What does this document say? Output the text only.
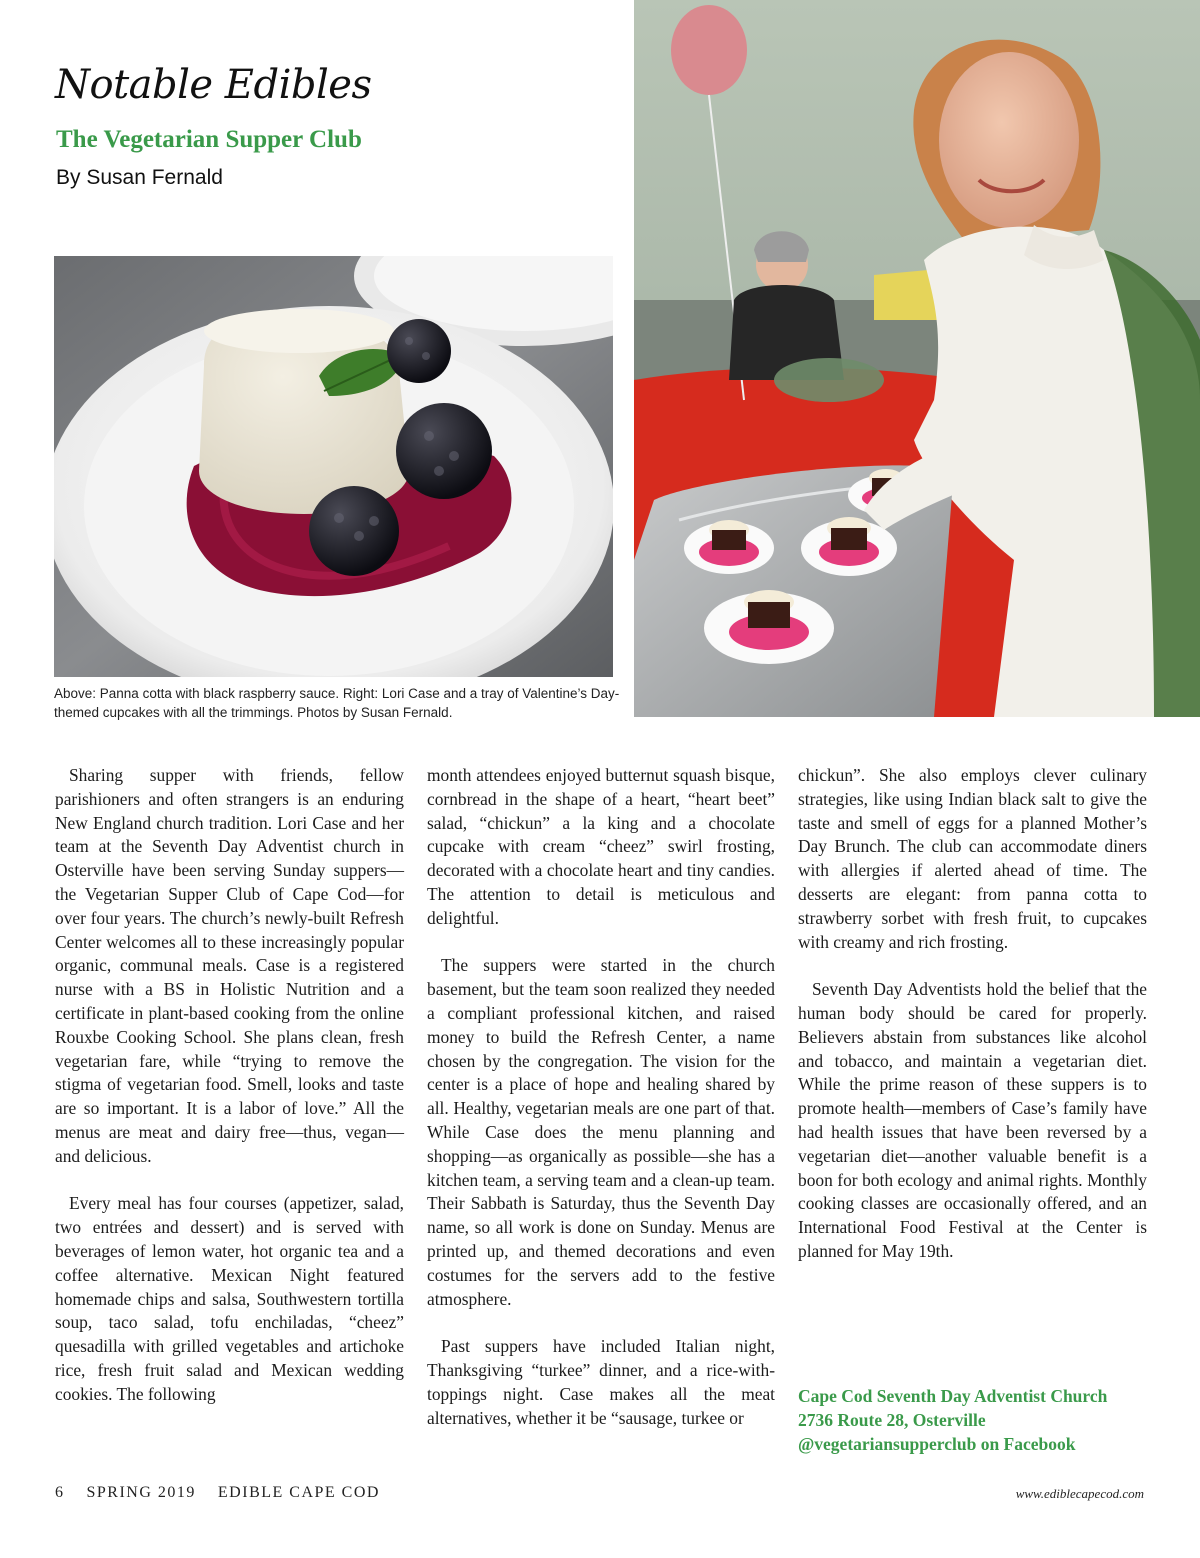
Notable Edibles
The Vegetarian Supper Club
By Susan Fernald
Above: Panna cotta with black raspberry sauce. Right: Lori Case and a tray of Valentine’s Day-themed cupcakes with all the trimmings. Photos by Susan Fernald.

Sharing supper with friends, fellow parishioners and often strangers is an enduring New England church tradition. Lori Case and her team at the Seventh Day Adventist church in Osterville have been serving Sunday suppers—the Vegetarian Supper Club of Cape Cod—for over four years. The church’s newly-built Refresh Center welcomes all to these increasingly popular organic, communal meals. Case is a registered nurse with a BS in Holistic Nutrition and a certificate in plant-based cooking from the online Rouxbe Cooking School. She plans clean, fresh vegetarian fare, while “trying to remove the stigma of vegetarian food. Smell, looks and taste are so important. It is a labor of love.” All the menus are meat and dairy free—thus, vegan—and delicious.

Every meal has four courses (appetizer, salad, two entrées and dessert) and is served with beverages of lemon water, hot organic tea and a coffee alternative. Mexican Night featured homemade chips and salsa, Southwestern tortilla soup, taco salad, tofu enchiladas, “cheez” quesadilla with grilled vegetables and artichoke rice, fresh fruit salad and Mexican wedding cookies. The following

month attendees enjoyed butternut squash bisque, cornbread in the shape of a heart, “heart beet” salad, “chickun” a la king and a chocolate cupcake with cream “cheez” swirl frosting, decorated with a chocolate heart and tiny candies. The attention to detail is meticulous and delightful.

The suppers were started in the church basement, but the team soon realized they needed a compliant professional kitchen, and raised money to build the Refresh Center, a name chosen by the congregation. The vision for the center is a place of hope and healing shared by all. Healthy, vegetarian meals are one part of that. While Case does the menu planning and shopping—as organically as possible—she has a kitchen team, a serving team and a clean-up team. Their Sabbath is Saturday, thus the Seventh Day name, so all work is done on Sunday. Menus are printed up, and themed decorations and even costumes for the servers add to the festive atmosphere.

Past suppers have included Italian night, Thanksgiving “turkee” dinner, and a rice-with-toppings night. Case makes all the meat alternatives, whether it be “sausage, turkee or

chickun”. She also employs clever culinary strategies, like using Indian black salt to give the taste and smell of eggs for a planned Mother’s Day Brunch. The club can accommodate diners with allergies if alerted ahead of time. The desserts are elegant: from panna cotta to strawberry sorbet with fresh fruit, to cupcakes with creamy and rich frosting.

Seventh Day Adventists hold the belief that the human body should be cared for properly. Believers abstain from substances like alcohol and tobacco, and maintain a vegetarian diet. While the prime reason of these suppers is to promote health—members of Case’s family have had health issues that have been reversed by a vegetarian diet—another valuable benefit is a boon for both ecology and animal rights. Monthly cooking classes are occasionally offered, and an International Food Festival at the Center is planned for May 19th.

Cape Cod Seventh Day Adventist Church
2736 Route 28, Osterville
@vegetariansupperclub on Facebook
6 SPRING 2019 EDIBLE CAPE COD	www.ediblecapecod.com
